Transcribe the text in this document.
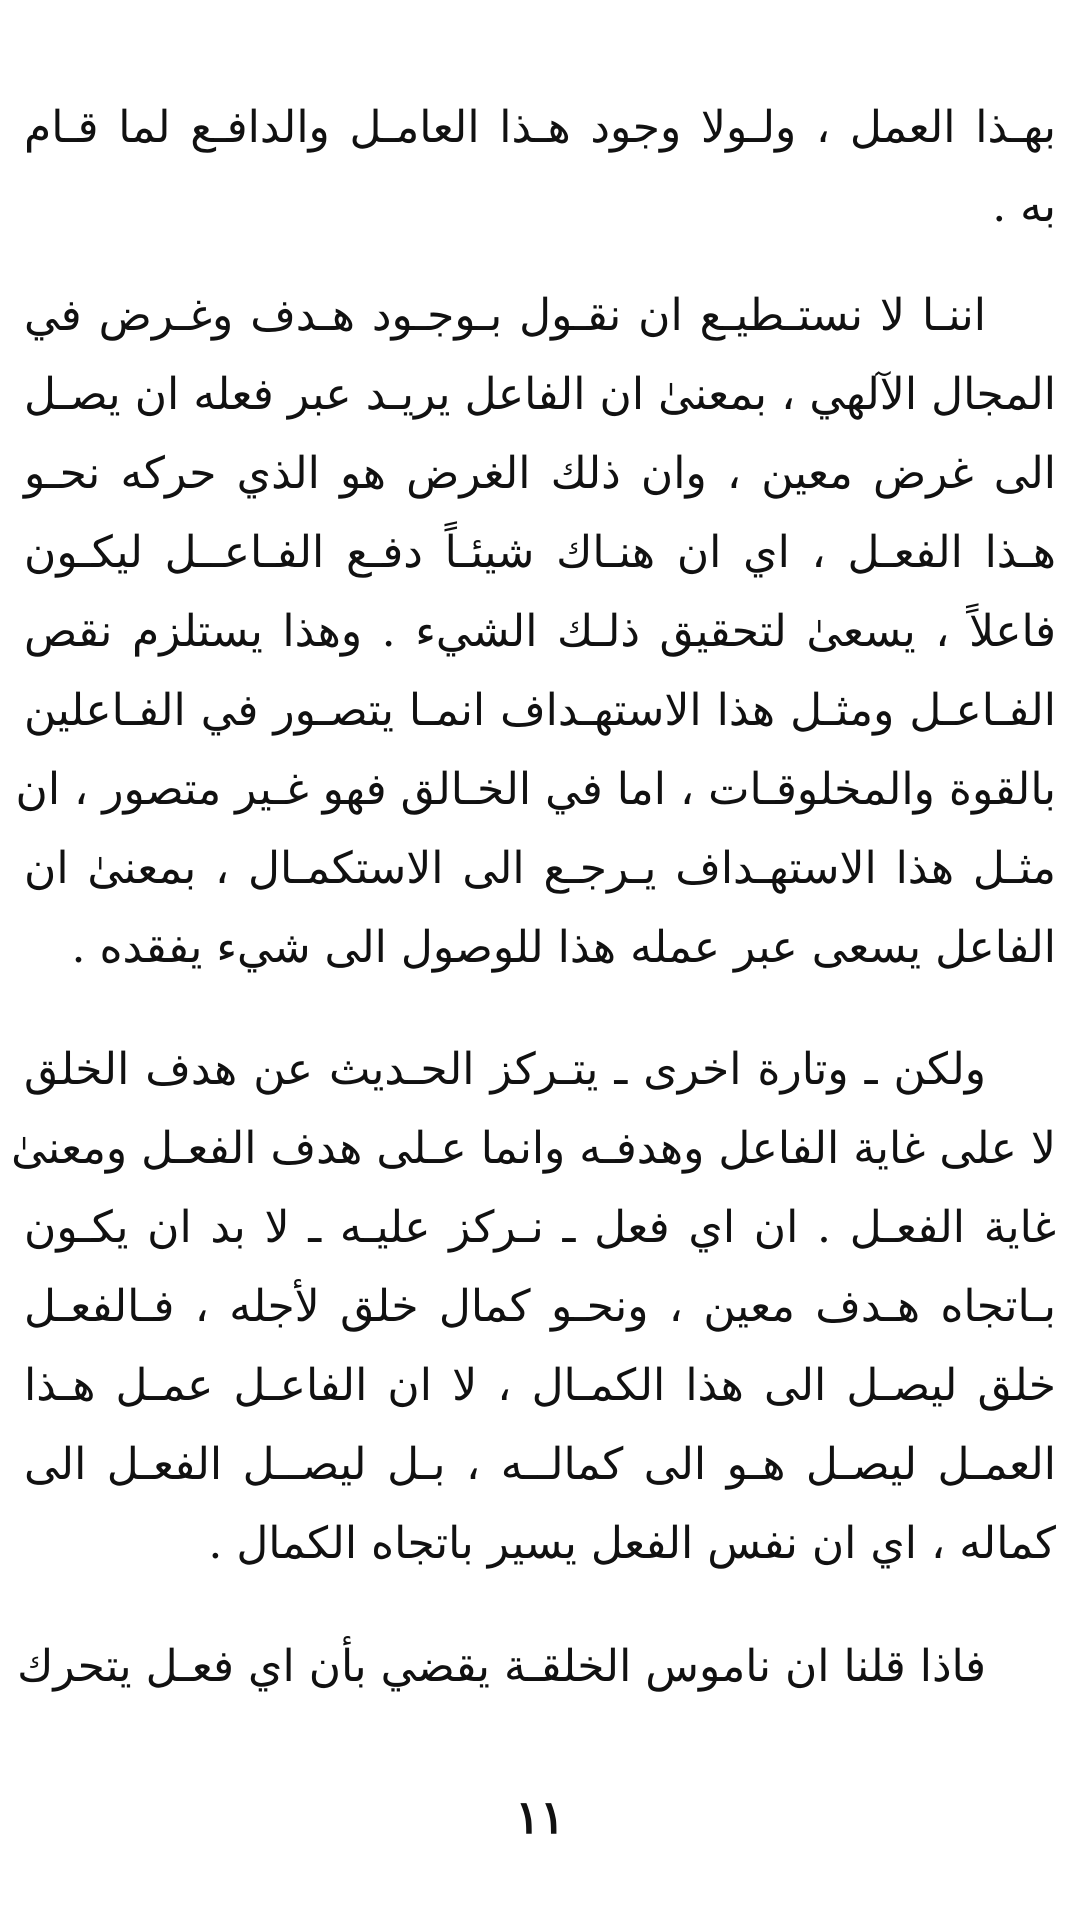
بهـذا العمل ، ولـولا وجود هـذا العامـل والدافـع لما قـام
به .
اننـا لا نستـطيـع ان نقـول بـوجـود هـدف وغـرض في
المجال الآلهي ، بمعنىٰ ان الفاعل يريـد عبر فعله ان يصـل
الى غرض معين ، وان ذلك الغرض هو الذي حركه نحـو
هـذا الفعـل ، اي ان هنـاك شيئـاً دفـع الفـاعــل ليكـون
فاعلاً ، يسعىٰ لتحقيق ذلـك الشيء . وهذا يستلزم نقص
الفـاعـل ومثـل هذا الاستهـداف انمـا يتصـور في الفـاعلين
بالقوة والمخلوقـات ، اما في الخـالق فهو غـير متصور ، ان
مثـل هذا الاستهـداف يـرجـع الى الاستكمـال ، بمعنىٰ ان
الفاعل يسعى عبر عمله هذا للوصول الى شيء يفقده .
ولكن ـ وتارة اخرى ـ يتـركز الحـديث عن هدف الخلق
لا على غاية الفاعل وهدفـه وانما عـلى هدف الفعـل ومعنىٰ
غاية الفعـل . ان اي فعل ـ نـركز عليـه ـ لا بد ان يكـون
بـاتجاه هـدف معين ، ونحـو كمال خلق لأجله ، فـالفعـل
خلق ليصـل الى هذا الكمـال ، لا ان الفاعـل عمـل هـذا
العمـل ليصـل هـو الى كمالــه ، بـل ليصــل الفعـل الى
كماله ، اي ان نفس الفعل يسير باتجاه الكمال .
فاذا قلنا ان ناموس الخلقـة يقضي بأن اي فعـل يتحرك
١١
